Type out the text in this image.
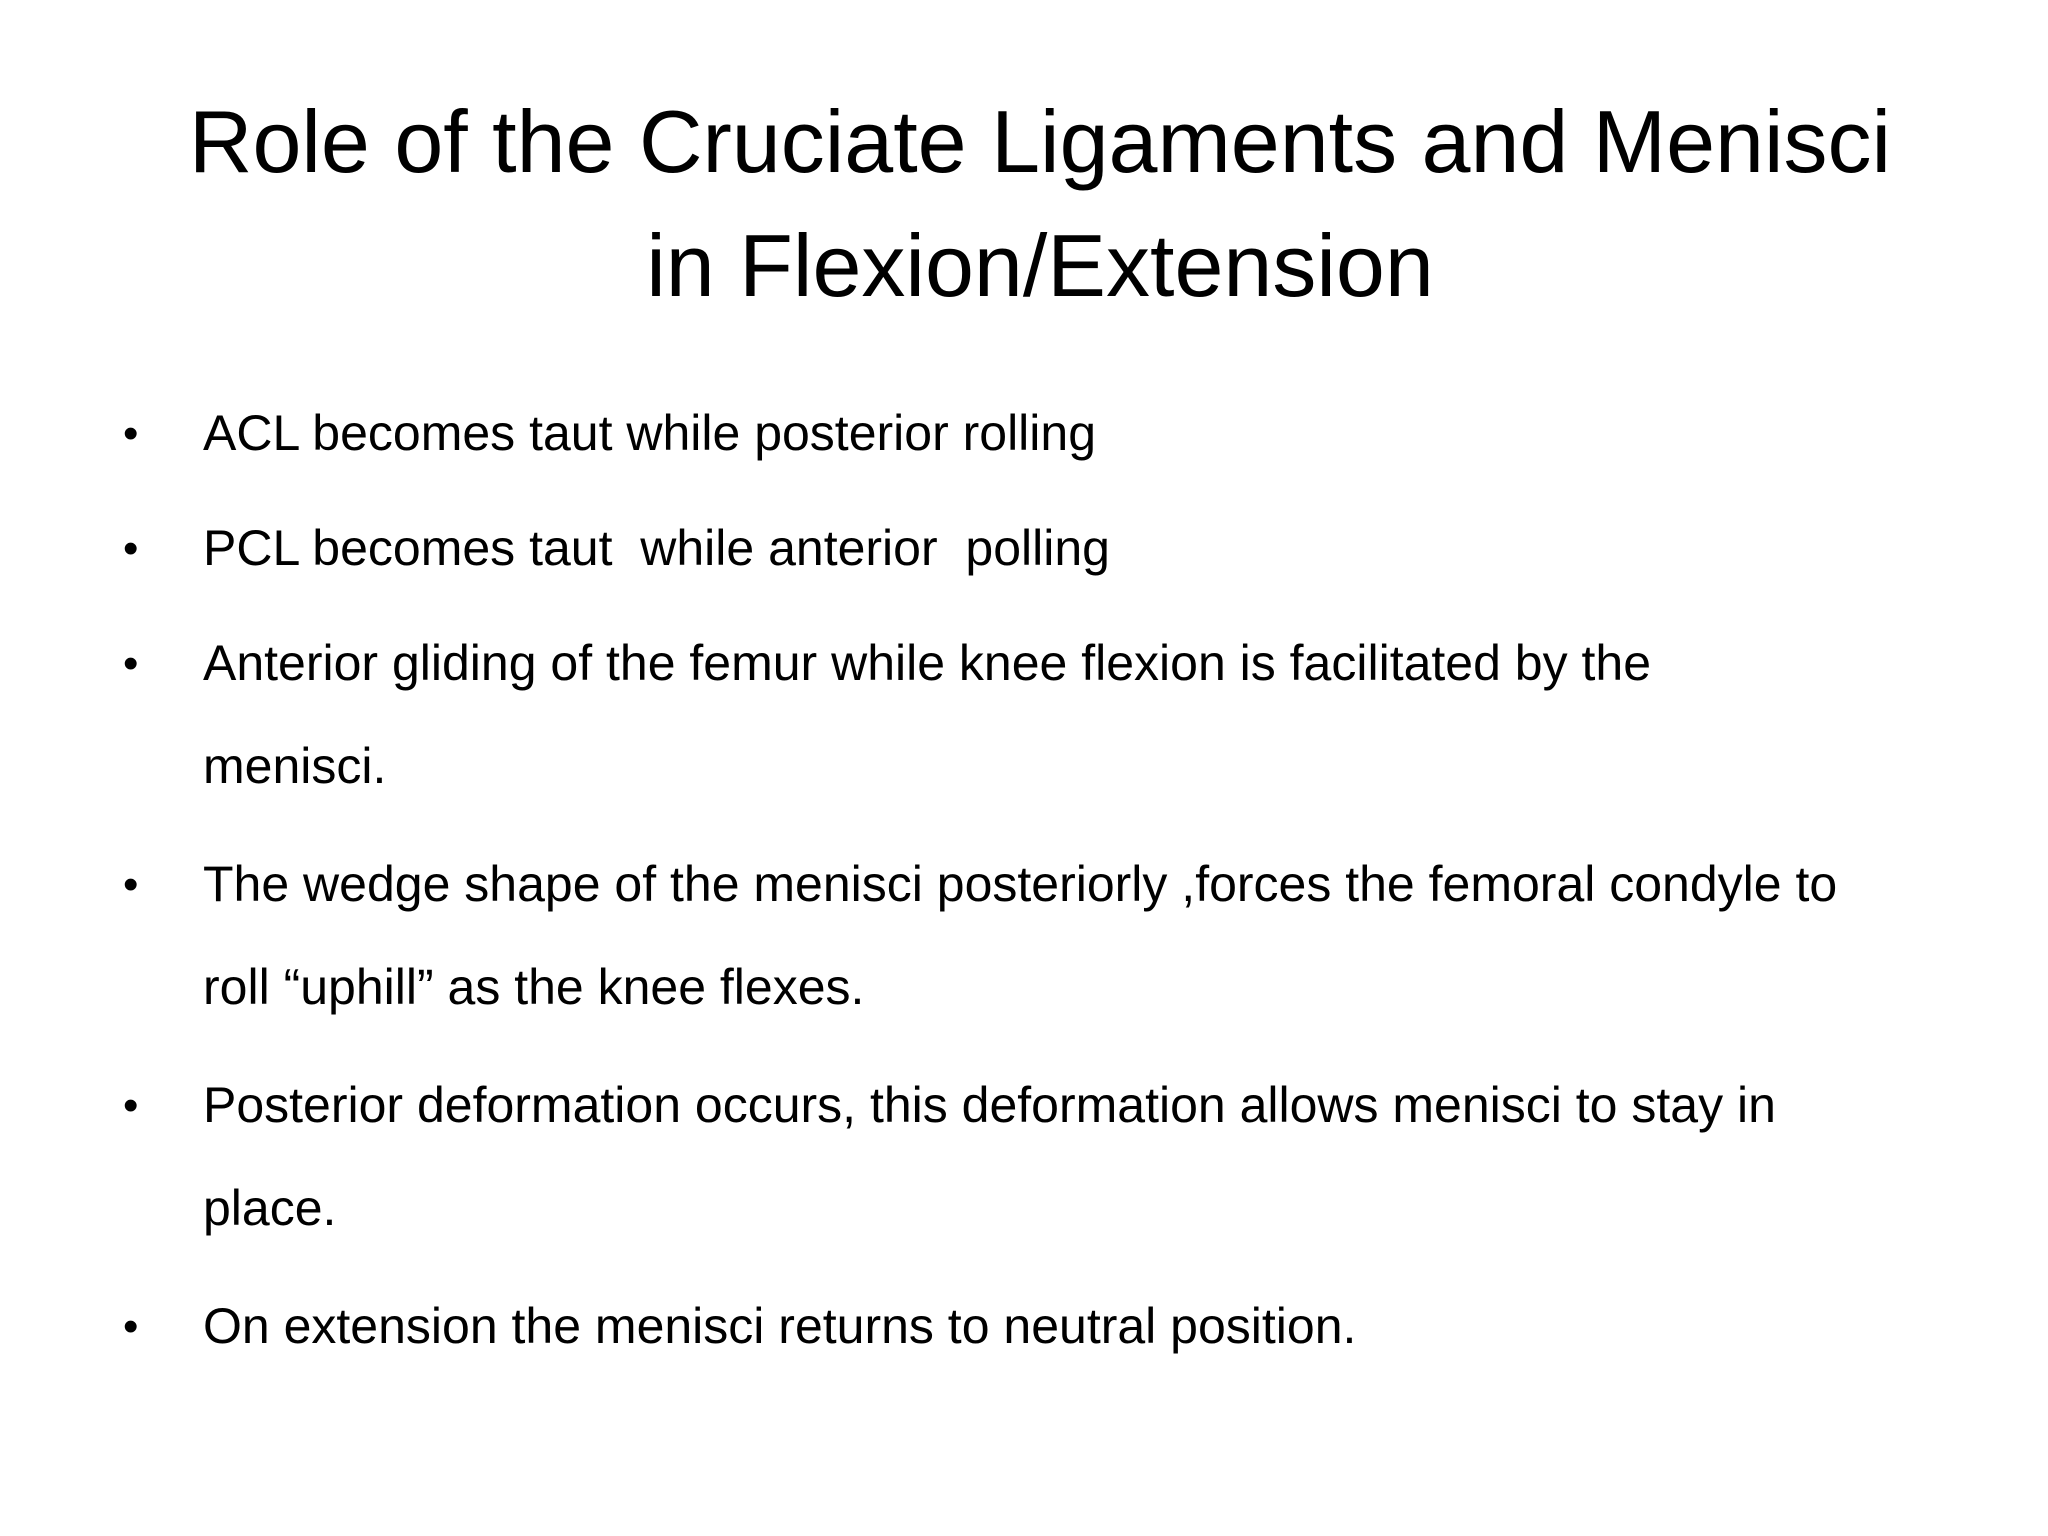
Role of the Cruciate Ligaments and Menisci
in Flexion/Extension
• ACL becomes taut while posterior rolling
• PCL becomes taut  while anterior  polling
• Anterior gliding of the femur while knee flexion is facilitated by the
menisci.
• The wedge shape of the menisci posteriorly ,forces the femoral condyle to
roll “uphill” as the knee flexes.
• Posterior deformation occurs, this deformation allows menisci to stay in
place.
• On extension the menisci returns to neutral position.
